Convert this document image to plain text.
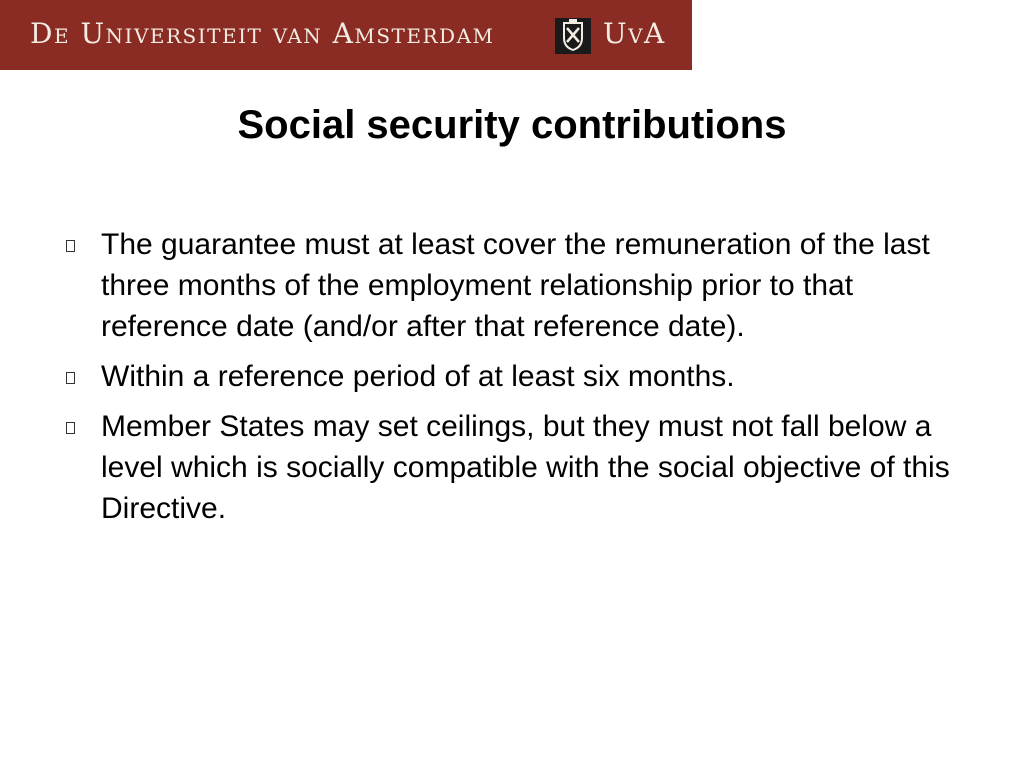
De Universiteit van Amsterdam	UvA
Social security contributions
The guarantee must at least cover the remuneration of the last three months of the employment relationship prior to that reference date (and/or after that reference date).
Within a reference period of at least six months.
Member States may set ceilings, but they must not fall below a level which is socially compatible with the social objective of this Directive.
